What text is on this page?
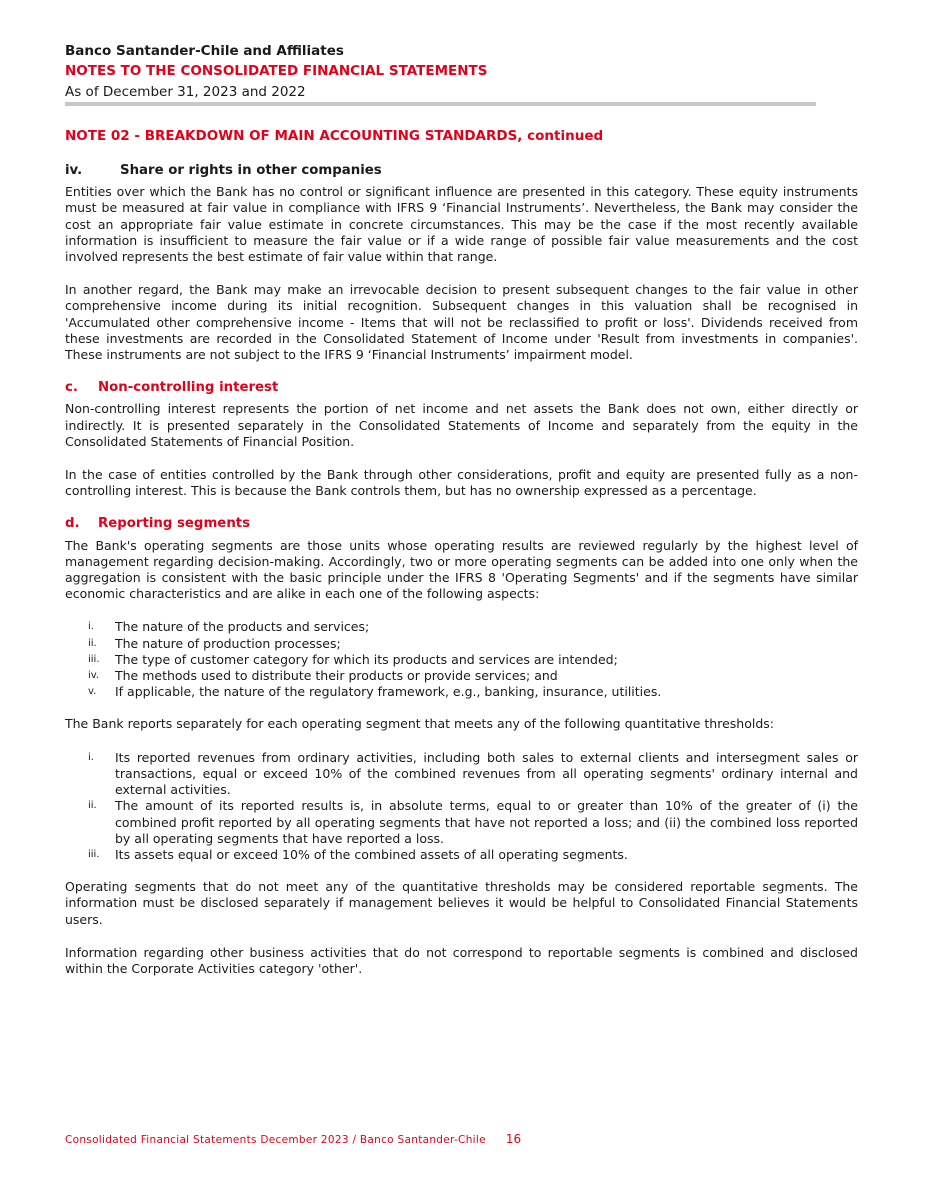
Banco Santander-Chile and Affiliates
NOTES TO THE CONSOLIDATED FINANCIAL STATEMENTS
As of December 31, 2023 and 2022
NOTE 02 - BREAKDOWN OF MAIN ACCOUNTING STANDARDS, continued
iv.	Share or rights in other companies

Entities over which the Bank has no control or significant influence are presented in this category. These equity instruments must be measured at fair value in compliance with IFRS 9 ‘Financial Instruments’. Nevertheless, the Bank may consider the cost an appropriate fair value estimate in concrete circumstances. This may be the case if the most recently available information is insufficient to measure the fair value or if a wide range of possible fair value measurements and the cost involved represents the best estimate of fair value within that range.

In another regard, the Bank may make an irrevocable decision to present subsequent changes to the fair value in other comprehensive income during its initial recognition. Subsequent changes in this valuation shall be recognised in 'Accumulated other comprehensive income - Items that will not be reclassified to profit or loss'. Dividends received from these investments are recorded in the Consolidated Statement of Income under 'Result from investments in companies'. These instruments are not subject to the IFRS 9 ‘Financial Instruments’ impairment model.

c.	Non-controlling interest

Non-controlling interest represents the portion of net income and net assets the Bank does not own, either directly or indirectly. It is presented separately in the Consolidated Statements of Income and separately from the equity in the Consolidated Statements of Financial Position.

In the case of entities controlled by the Bank through other considerations, profit and equity are presented fully as a non-controlling interest. This is because the Bank controls them, but has no ownership expressed as a percentage.

d.	Reporting segments

The Bank's operating segments are those units whose operating results are reviewed regularly by the highest level of management regarding decision-making. Accordingly, two or more operating segments can be added into one only when the aggregation is consistent with the basic principle under the IFRS 8 'Operating Segments' and if the segments have similar economic characteristics and are alike in each one of the following aspects:

i.	The nature of the products and services;
ii.	The nature of production processes;
iii.	The type of customer category for which its products and services are intended;
iv.	The methods used to distribute their products or provide services; and
v.	If applicable, the nature of the regulatory framework, e.g., banking, insurance, utilities.

The Bank reports separately for each operating segment that meets any of the following quantitative thresholds:

i.	Its reported revenues from ordinary activities, including both sales to external clients and intersegment sales or transactions, equal or exceed 10% of the combined revenues from all operating segments' ordinary internal and external activities.
ii.	The amount of its reported results is, in absolute terms, equal to or greater than 10% of the greater of (i) the combined profit reported by all operating segments that have not reported a loss; and (ii) the combined loss reported by all operating segments that have reported a loss.
iii.	Its assets equal or exceed 10% of the combined assets of all operating segments.

Operating segments that do not meet any of the quantitative thresholds may be considered reportable segments. The information must be disclosed separately if management believes it would be helpful to Consolidated Financial Statements users.

Information regarding other business activities that do not correspond to reportable segments is combined and disclosed within the Corporate Activities category 'other'.

Consolidated Financial Statements December 2023 / Banco Santander-Chile 16
